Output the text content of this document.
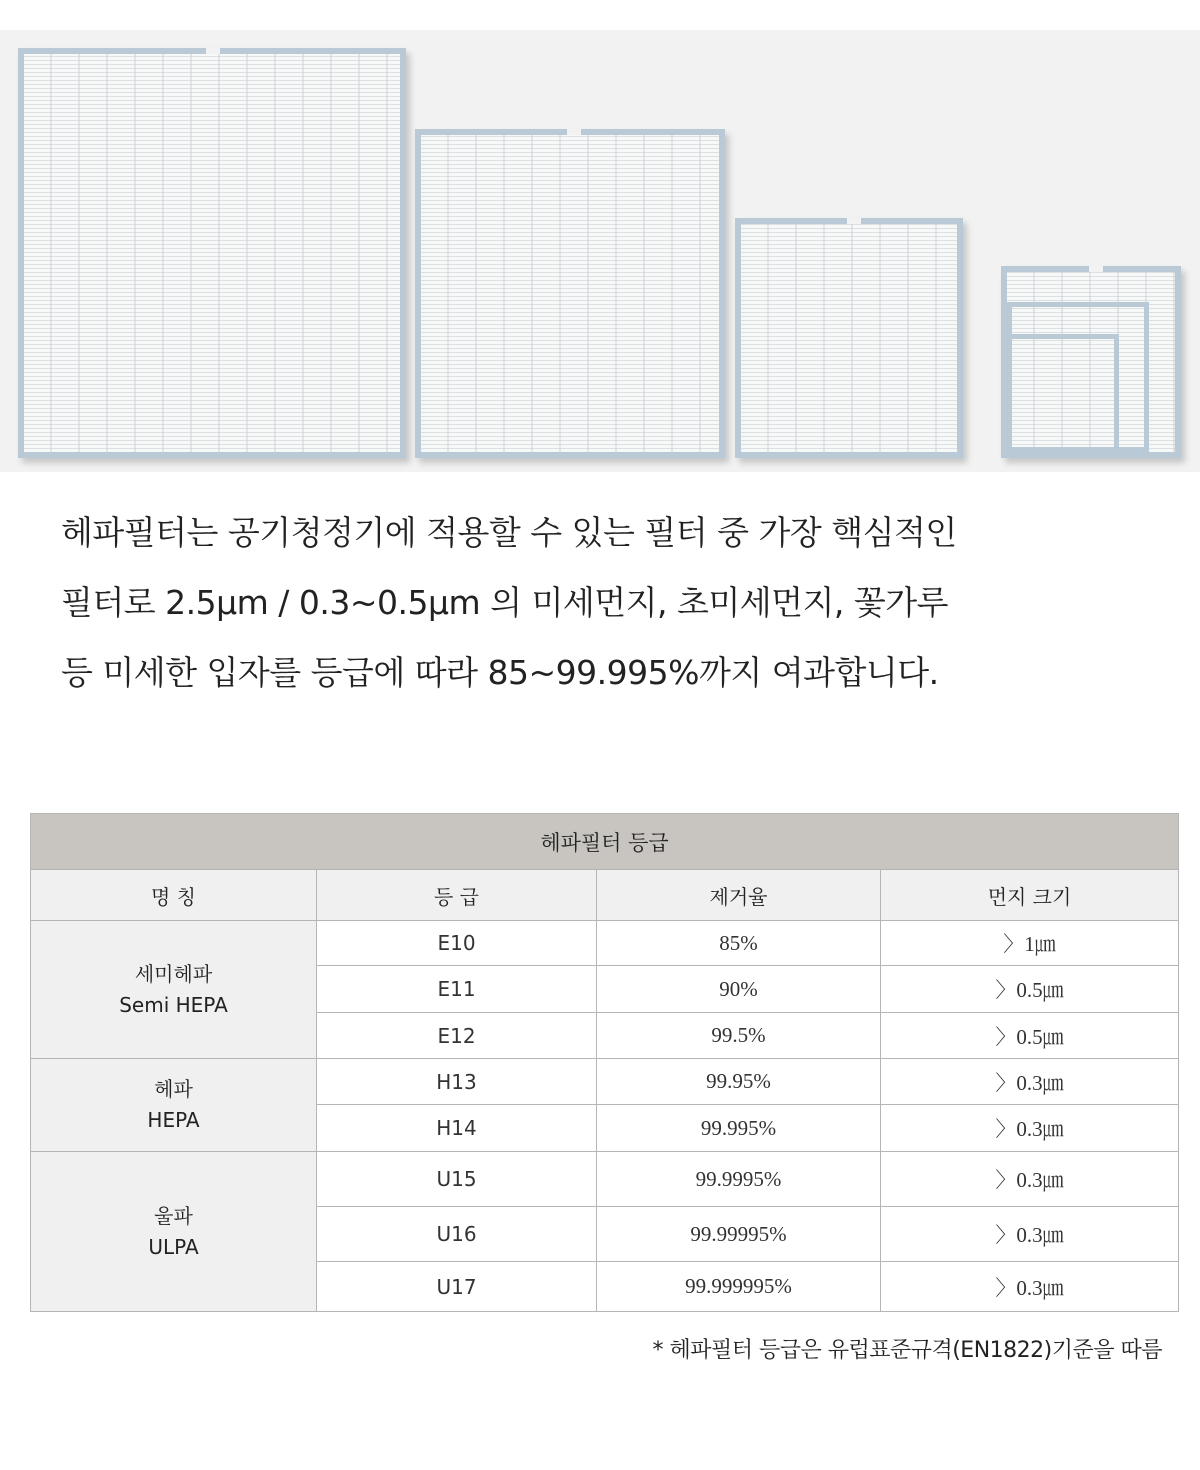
헤파필터는 공기청정기에 적용할 수 있는 필터 중 가장 핵심적인
필터로 2.5μm / 0.3~0.5μm 의 미세먼지, 초미세먼지, 꽃가루
등 미세한 입자를 등급에 따라 85~99.995%까지 여과합니다.
헤파필터 등급			
명 칭	등 급	제거율	먼지 크기

세미헤파
Semi HEPA	E10	85%	〉1㎛
	E11	90%	〉0.5㎛
	E12	99.5%	〉0.5㎛

헤파
HEPA	H13	99.95%	〉0.3㎛
	H14	99.995%	〉0.3㎛

울파
ULPA	U15	99.9995%	〉0.3㎛
	U16	99.99995%	〉0.3㎛
	U17	99.999995%	〉0.3㎛

* 헤파필터 등급은 유럽표준규격(EN1822)기준을 따름
